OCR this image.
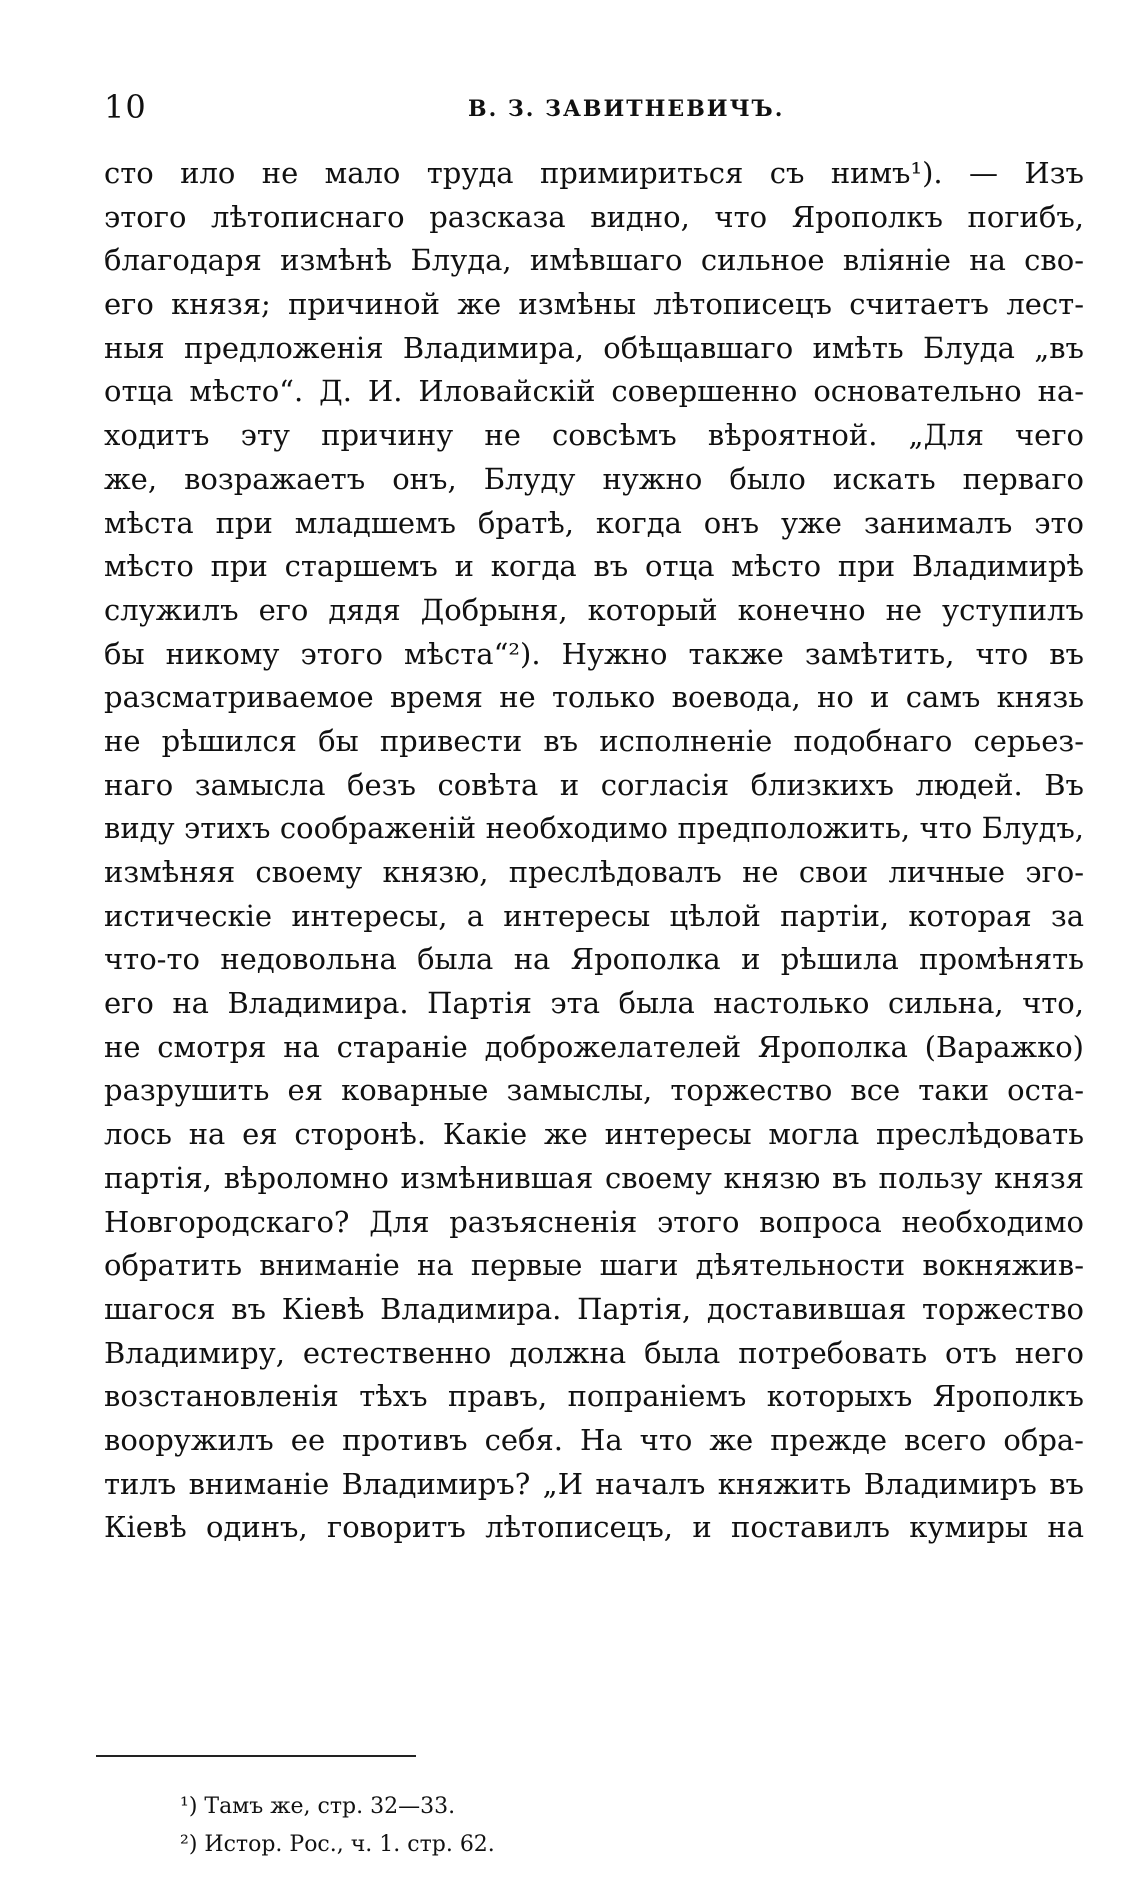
10	В. З. ЗАВИТНЕВИЧЪ.
сто ило не мало труда примириться съ нимъ¹). — Изъ
этого лѣтописнаго разсказа видно, что Ярополкъ погибъ,
благодаря измѣнѣ Блуда, имѣвшаго сильное вліяніе на сво-
его князя; причиной же измѣны лѣтописецъ считаетъ лест-
ныя предложенія Владимира, обѣщавшаго имѣть Блуда „въ
отца мѣсто“. Д. И. Иловайскій совершенно основательно на-
ходитъ эту причину не совсѣмъ вѣроятной. „Для чего
же, возражаетъ онъ, Блуду нужно было искать перваго
мѣста при младшемъ братѣ, когда онъ уже занималъ это
мѣсто при старшемъ и когда въ отца мѣсто при Владимирѣ
служилъ его дядя Добрыня, который конечно не уступилъ
бы никому этого мѣста“²). Нужно также замѣтить, что въ
разсматриваемое время не только воевода, но и самъ князь
не рѣшился бы привести въ исполненіе подобнаго серьез-
наго замысла безъ совѣта и согласія близкихъ людей. Въ
виду этихъ соображеній необходимо предположить, что Блудъ,
измѣняя своему князю, преслѣдовалъ не свои личные эго-
истическіе интересы, а интересы цѣлой партіи, которая за
что-то недовольна была на Ярополка и рѣшила промѣнять
его на Владимира. Партія эта была настолько сильна, что,
не смотря на стараніе доброжелателей Ярополка (Варажко)
разрушить ея коварные замыслы, торжество все таки оста-
лось на ея сторонѣ. Какіе же интересы могла преслѣдовать
партія, вѣроломно измѣнившая своему князю въ пользу князя
Новгородскаго? Для разъясненія этого вопроса необходимо
обратить вниманіе на первые шаги дѣятельности вокняжив-
шагося въ Кіевѣ Владимира. Партія, доставившая торжество
Владимиру, естественно должна была потребовать отъ него
возстановленія тѣхъ правъ, попраніемъ которыхъ Ярополкъ
вооружилъ ее противъ себя. На что же прежде всего обра-
тилъ вниманіе Владимиръ? „И началъ княжить Владимиръ въ
Кіевѣ одинъ, говоритъ лѣтописецъ, и поставилъ кумиры на
¹) Тамъ же, стр. 32—33.
²) Истор. Рос., ч. 1. стр. 62.
